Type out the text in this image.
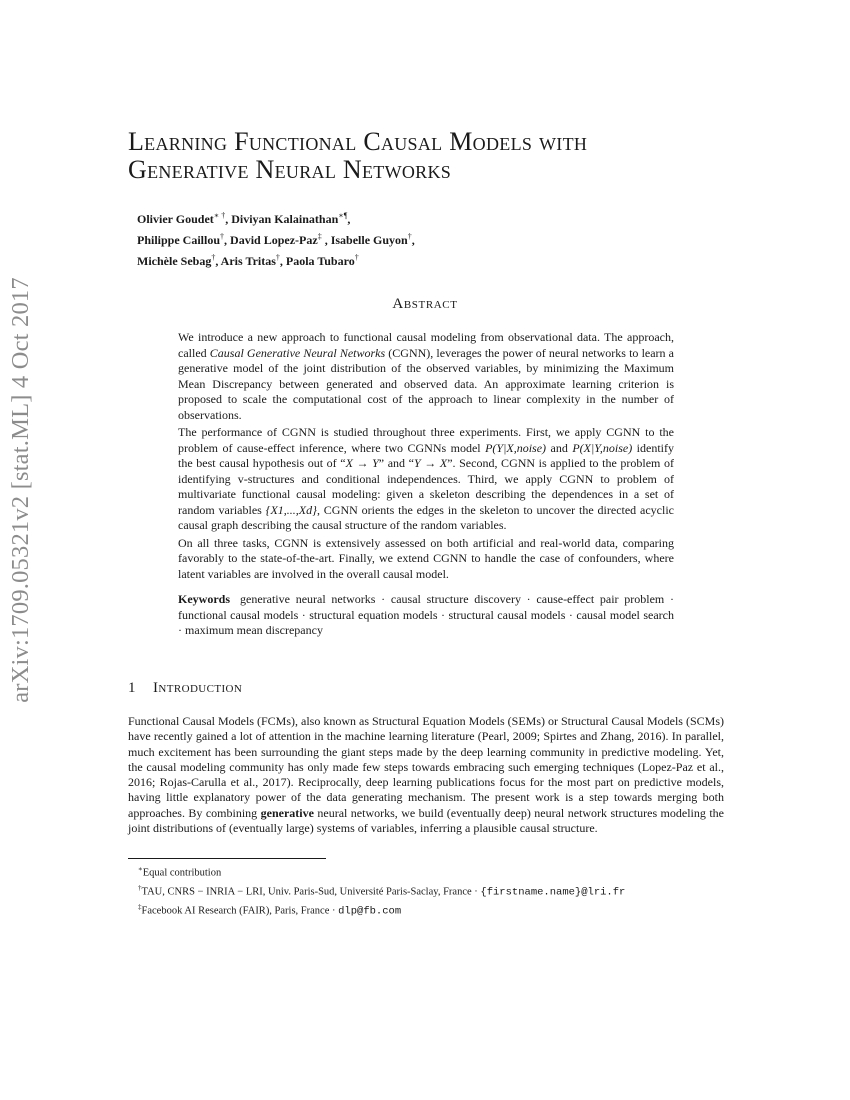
arXiv:1709.05321v2 [stat.ML] 4 Oct 2017
Learning Functional Causal Models with
Generative Neural Networks
Olivier Goudet∗ †, Diviyan Kalainathan∗¶,
Philippe Caillou†, David Lopez-Paz‡ , Isabelle Guyon†,
Michèle Sebag†, Aris Tritas†, Paola Tubaro†
Abstract

We introduce a new approach to functional causal modeling from observational data. The approach, called Causal Generative Neural Networks (CGNN), leverages the power of neural networks to learn a generative model of the joint distribution of the observed variables, by minimizing the Maximum Mean Discrepancy between generated and observed data. An approximate learning criterion is proposed to scale the computational cost of the approach to linear complexity in the number of observations.

The performance of CGNN is studied throughout three experiments. First, we apply CGNN to the problem of cause-effect inference, where two CGNNs model P(Y|X,noise) and P(X|Y,noise) identify the best causal hypothesis out of “X → Y” and “Y → X”. Second, CGNN is applied to the problem of identifying v-structures and conditional independences. Third, we apply CGNN to problem of multivariate functional causal modeling: given a skeleton describing the dependences in a set of random variables {X1,...,Xd}, CGNN orients the edges in the skeleton to uncover the directed acyclic causal graph describing the causal structure of the random variables.

On all three tasks, CGNN is extensively assessed on both artificial and real-world data, comparing favorably to the state-of-the-art. Finally, we extend CGNN to handle the case of confounders, where latent variables are involved in the overall causal model.

Keywords generative neural networks · causal structure discovery · cause-effect pair problem · functional causal models · structural equation models · structural causal models · causal model search · maximum mean discrepancy

1 Introduction

Functional Causal Models (FCMs), also known as Structural Equation Models (SEMs) or Structural Causal Models (SCMs) have recently gained a lot of attention in the machine learning literature (Pearl, 2009; Spirtes and Zhang, 2016). In parallel, much excitement has been surrounding the giant steps made by the deep learning community in predictive modeling. Yet, the causal modeling community has only made few steps towards embracing such emerging techniques (Lopez-Paz et al., 2016; Rojas-Carulla et al., 2017). Reciprocally, deep learning publications focus for the most part on predictive models, having little explanatory power of the data generating mechanism. The present work is a step towards merging both approaches. By combining generative neural networks, we build (eventually deep) neural network structures modeling the joint distributions of (eventually large) systems of variables, inferring a plausible causal structure.

∗Equal contribution
†TAU, CNRS − INRIA − LRI, Univ. Paris-Sud, Université Paris-Saclay, France · {firstname.name}@lri.fr
‡Facebook AI Research (FAIR), Paris, France · dlp@fb.com
